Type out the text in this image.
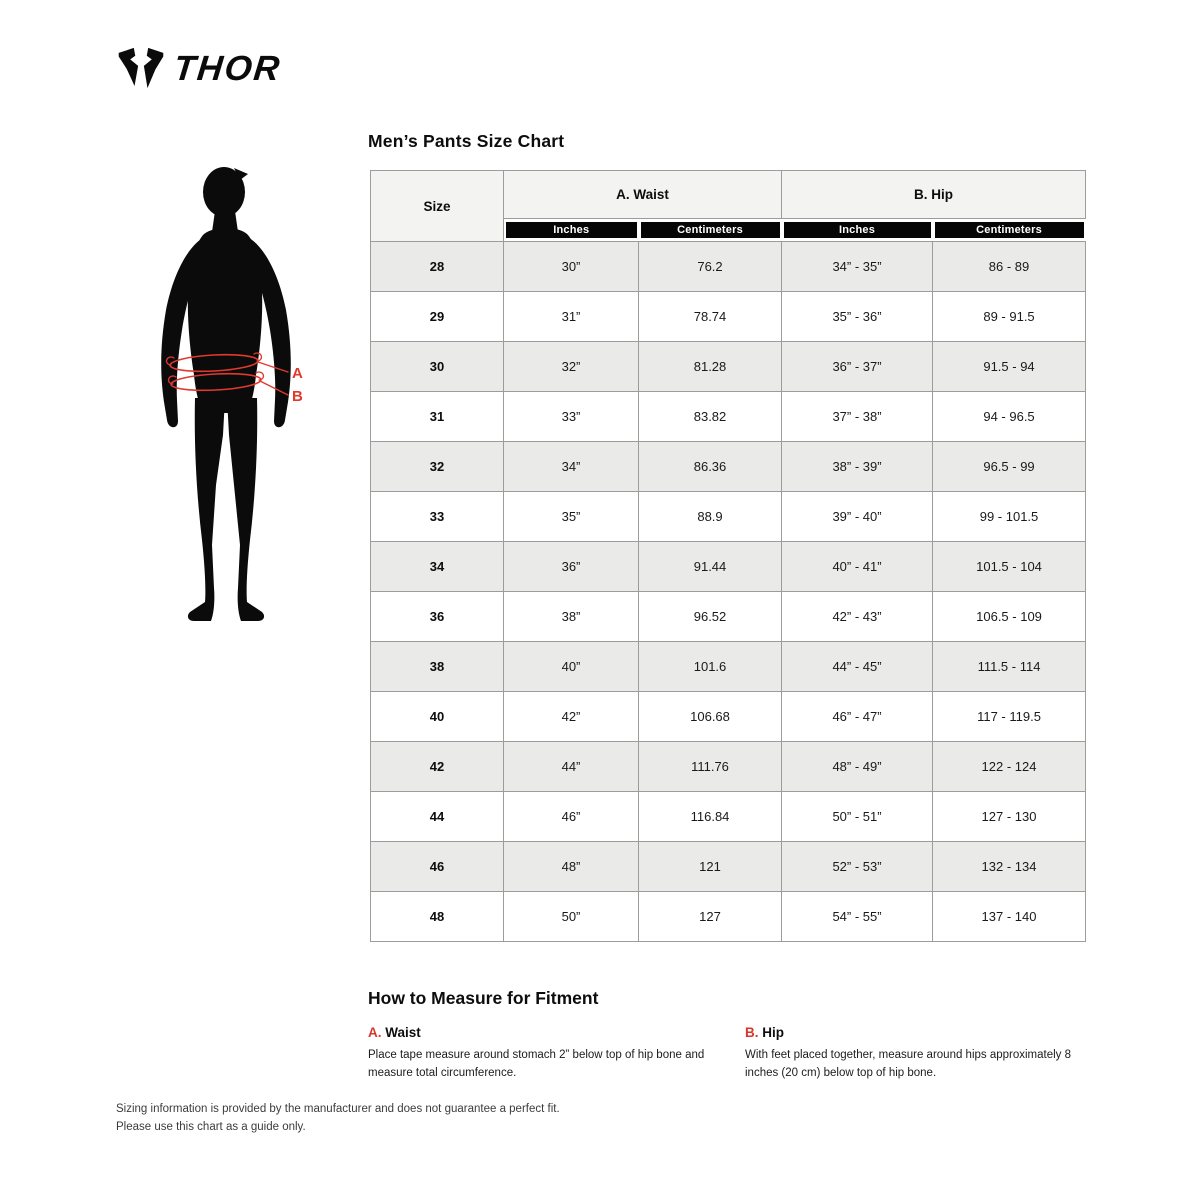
THOR
A
B
Men’s Pants Size Chart
Size	A. Waist		B. Hip	

	Inches	Centimeters	Inches	Centimeters

28	30”	76.2	34” - 35”	86 - 89
29	31”	78.74	35” - 36”	89 - 91.5
30	32”	81.28	36” - 37”	91.5 - 94
31	33”	83.82	37” - 38”	94 - 96.5
32	34”	86.36	38” - 39”	96.5 - 99
33	35”	88.9	39” - 40”	99 - 101.5
34	36”	91.44	40” - 41”	101.5 - 104
36	38”	96.52	42” - 43”	106.5 - 109
38	40”	101.6	44” - 45”	111.5 - 114
40	42”	106.68	46” - 47”	117 - 119.5
42	44”	111.76	48” - 49”	122 - 124
44	46”	116.84	50” - 51”	127 - 130
46	48”	121	52” - 53”	132 - 134
48	50”	127	54” - 55”	137 - 140
How to Measure for Fitment
A. Waist

Place tape measure around stomach 2” below top of hip bone and measure total circumference.

B. Hip

With feet placed together, measure around hips approximately 8 inches (20 cm) below top of hip bone.

Sizing information is provided by the manufacturer and does not guarantee a perfect fit.
Please use this chart as a guide only.
